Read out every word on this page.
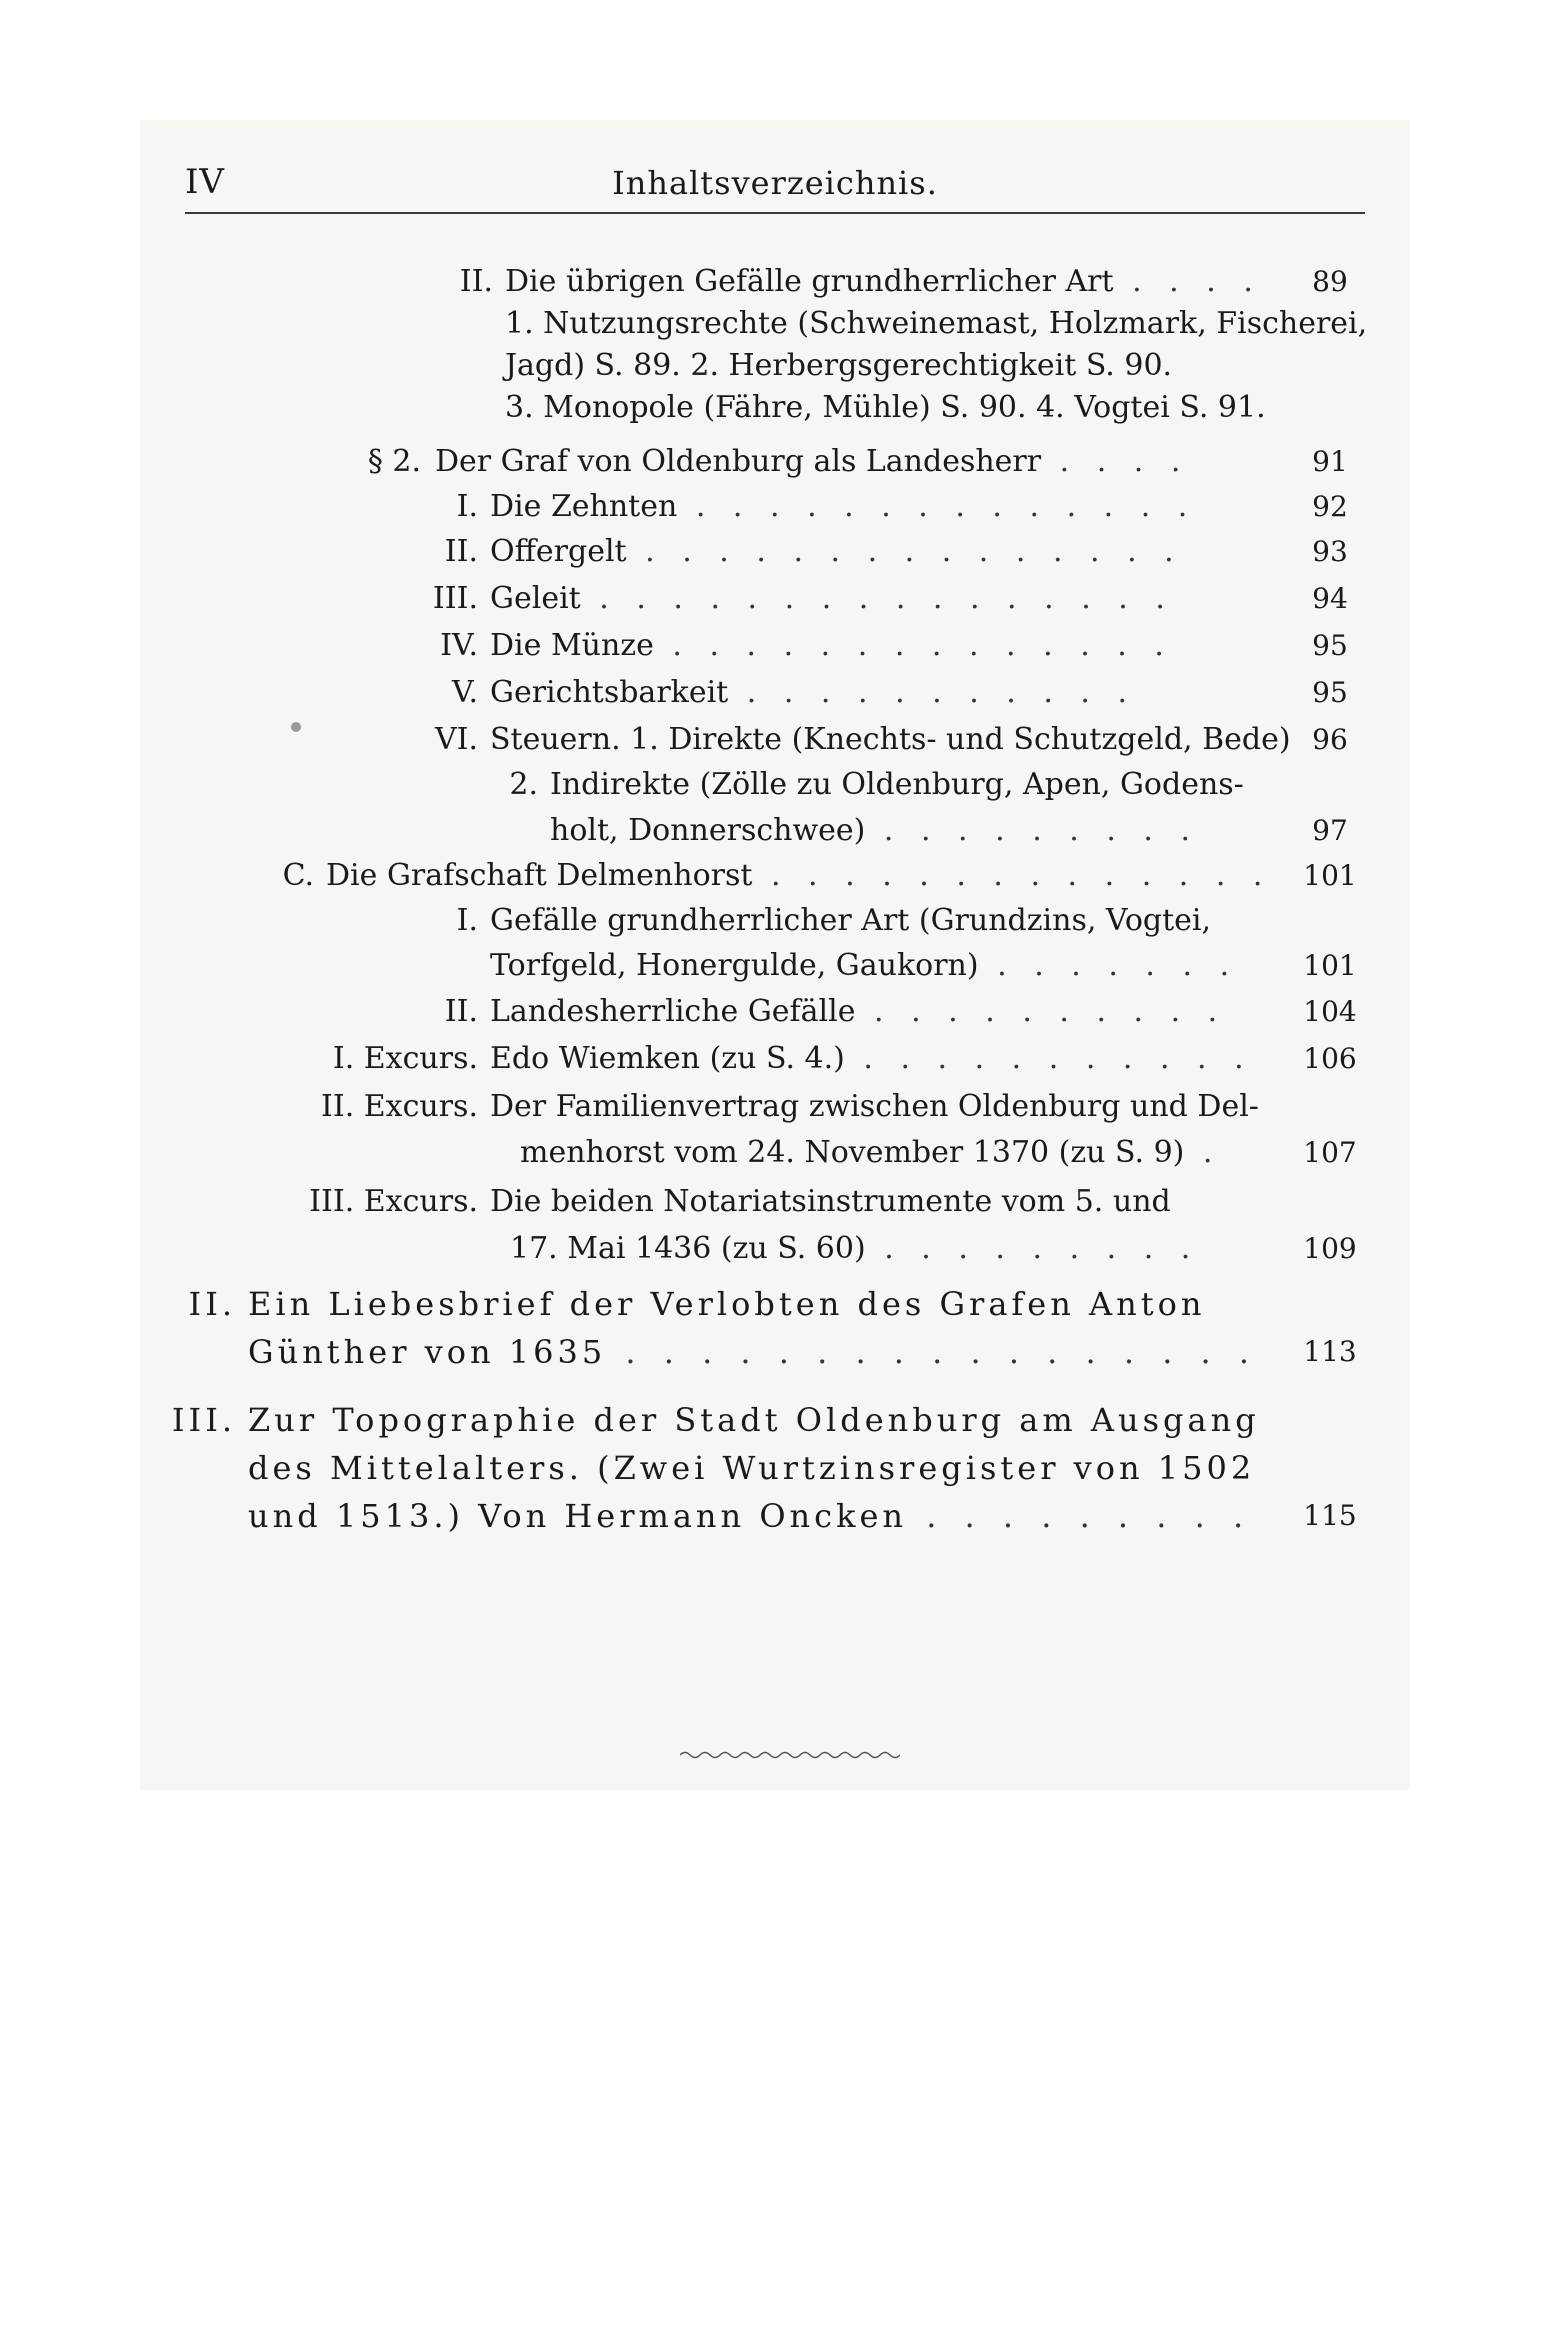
IV	Inhaltsverzeichnis.
II. Die übrigen Gefälle grundherrlicher Art . . . .	89
1. Nutzungsrechte (Schweinemast, Holzmark, Fischerei,
Jagd) S. 89. 2. Herbergsgerechtigkeit S. 90.
3. Monopole (Fähre, Mühle) S. 90. 4. Vogtei S. 91.
§ 2. Der Graf von Oldenburg als Landesherr . . . .	91
I. Die Zehnten . . . . . . . . . . . . . .	92
II. Offergelt . . . . . . . . . . . . . . .	93
III. Geleit . . . . . . . . . . . . . . . .	94
IV. Die Münze . . . . . . . . . . . . . .	95
V. Gerichtsbarkeit . . . . . . . . . . .	95
VI. Steuern. 1. Direkte (Knechts- und Schutzgeld, Bede) 96
2. Indirekte (Zölle zu Oldenburg, Apen, Godens-
holt, Donnerschwee) . . . . . . . . .	97
C. Die Grafschaft Delmenhorst . . . . . . . . . . . . . . 101
I. Gefälle grundherrlicher Art (Grundzins, Vogtei,
Torfgeld, Honergulde, Gaukorn) . . . . . . . 101
II. Landesherrliche Gefälle . . . . . . . . . .	104
I. Excurs. Edo Wiemken (zu S. 4.) . . . . . . . . . . . 106
II. Excurs. Der Familienvertrag zwischen Oldenburg und Del-
menhorst vom 24. November 1370 (zu S. 9) .	107
III. Excurs. Die beiden Notariatsinstrumente vom 5. und
17. Mai 1436 (zu S. 60) . . . . . . . . .	109
II. Ein Liebesbrief der Verlobten des Grafen Anton
Günther von 1635 . . . . . . . . . . . . . . . . . 113
III. Zur Topographie der Stadt Oldenburg am Ausgang
des Mittelalters. (Zwei Wurtzinsregister von 1502
und 1513.) Von Hermann Oncken . . . . . . . . . 115
